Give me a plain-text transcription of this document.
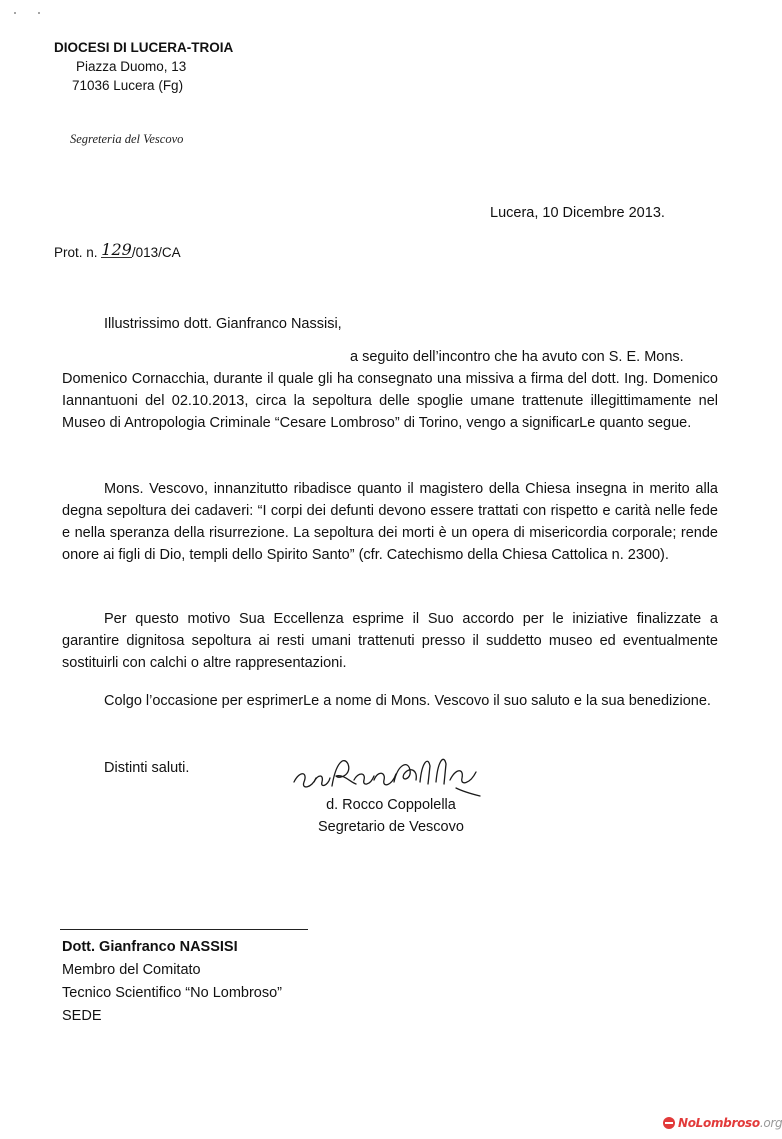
DIOCESI DI LUCERA-TROIA
Piazza Duomo, 13
71036 Lucera (Fg)
Segreteria del Vescovo
Lucera, 10 Dicembre 2013.
Prot. n. 129/013/CA
Illustrissimo dott. Gianfranco Nassisi,

a seguito dell’incontro che ha avuto con S. E. Mons.

Domenico Cornacchia, durante il quale gli ha consegnato una missiva a firma del dott. Ing. Domenico Iannantuoni del 02.10.2013, circa la sepoltura delle spoglie umane trattenute illegittimamente nel Museo di Antropologia Criminale “Cesare Lombroso” di Torino, vengo a significarLe quanto segue.

Mons. Vescovo, innanzitutto ribadisce quanto il magistero della Chiesa insegna in merito alla degna sepoltura dei cadaveri: “I corpi dei defunti devono essere trattati con rispetto e carità nelle fede e nella speranza della risurrezione. La sepoltura dei morti è un opera di misericordia corporale; rende onore ai figli di Dio, templi dello Spirito Santo” (cfr. Catechismo della Chiesa Cattolica n. 2300).

Per questo motivo Sua Eccellenza esprime il Suo accordo per le iniziative finalizzate a garantire dignitosa sepoltura ai resti umani trattenuti presso il suddetto museo ed eventualmente sostituirli con calchi o altre rappresentazioni.

Colgo l’occasione per esprimerLe a nome di Mons. Vescovo il suo saluto e la sua benedizione.

Distinti saluti.
d. Rocco Coppolella
Segretario de Vescovo
Dott. Gianfranco NASSISI
Membro del Comitato
Tecnico Scientifico “No Lombroso”
SEDE
NoLombroso.org
